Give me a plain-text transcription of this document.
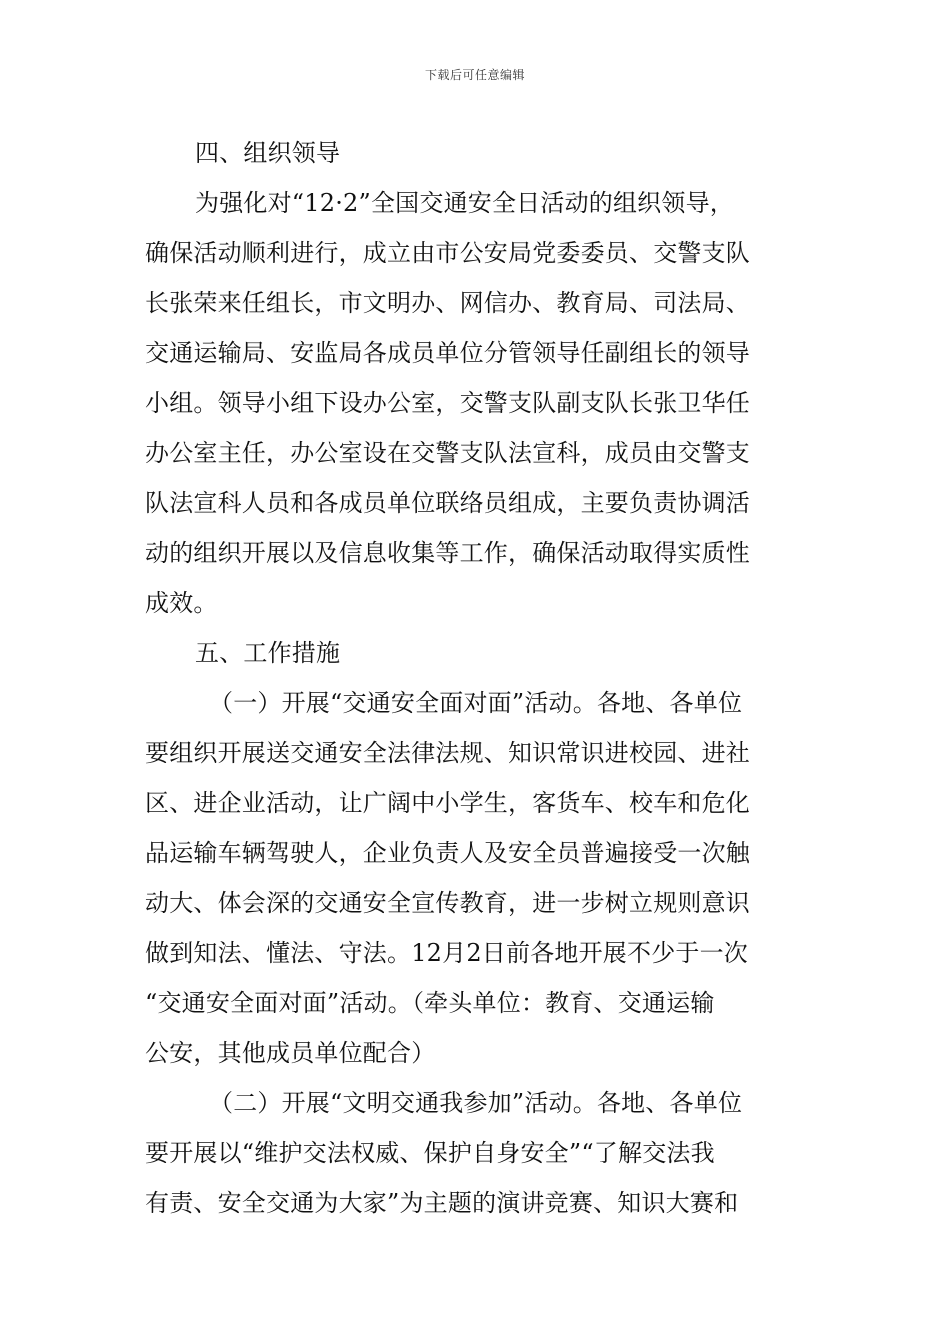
下载后可任意编辑
四、组织领导
为强化对“12·2”全国交通安全日活动的组织领导，
确保活动顺利进行，成立由市公安局党委委员、交警支队
长张荣来任组长，市文明办、网信办、教育局、司法局、
交通运输局、安监局各成员单位分管领导任副组长的领导
小组。领导小组下设办公室，交警支队副支队长张卫华任
办公室主任，办公室设在交警支队法宣科，成员由交警支
队法宣科人员和各成员单位联络员组成，主要负责协调活
动的组织开展以及信息收集等工作，确保活动取得实质性
成效。
五、工作措施
（一）开展“交通安全面对面”活动。各地、各单位
要组织开展送交通安全法律法规、知识常识进校园、进社
区、进企业活动，让广阔中小学生，客货车、校车和危化
品运输车辆驾驶人，企业负责人及安全员普遍接受一次触
动大、体会深的交通安全宣传教育，进一步树立规则意识
做到知法、懂法、守法。12月2日前各地开展不少于一次
“交通安全面对面”活动。（牵头单位：教育、交通运输
公安，其他成员单位配合）
（二）开展“文明交通我参加”活动。各地、各单位
要开展以“维护交法权威、保护自身安全”“了解交法我
有责、安全交通为大家”为主题的演讲竞赛、知识大赛和
